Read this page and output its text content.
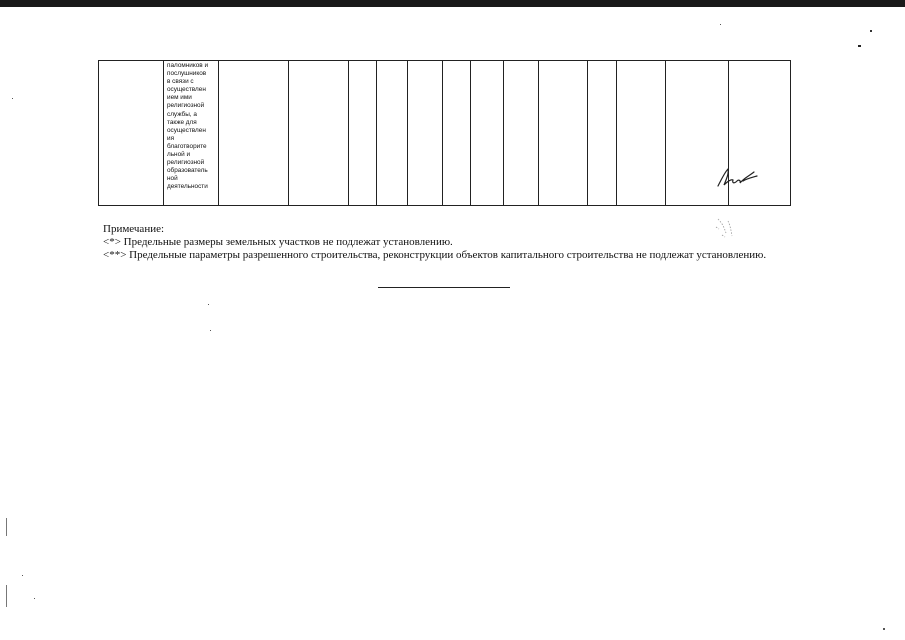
паломников и
послушников
в связи с
осуществлен
ием ими
религиозной
службы, а
также для
осуществлен
ия
благотворите
льной и
религиозной
образователь
ной
деятельности

Примечание:
<*> Предельные размеры земельных участков не подлежат установлению.
<**> Предельные параметры разрешенного строительства, реконструкции объектов капитального строительства не подлежат установлению.
